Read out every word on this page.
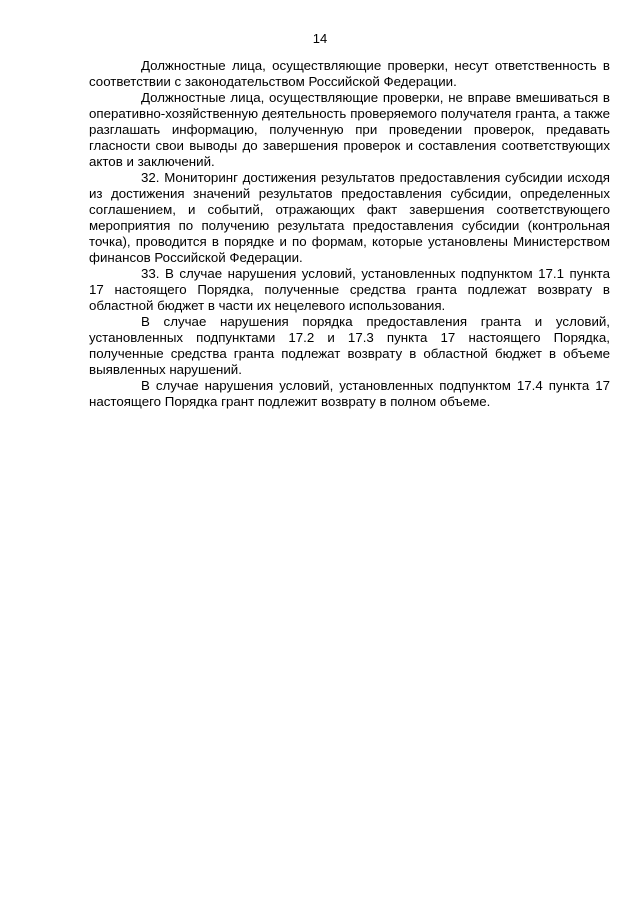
14

Должностные лица, осуществляющие проверки, несут ответственность в соответствии с законодательством Российской Федерации.

Должностные лица, осуществляющие проверки, не вправе вмешиваться в оперативно-хозяйственную деятельность проверяемого получателя гранта, а также разглашать информацию, полученную при проведении проверок, предавать гласности свои выводы до завершения проверок и составления соответствующих актов и заключений.

32. Мониторинг достижения результатов предоставления субсидии исходя из достижения значений результатов предоставления субсидии, определенных соглашением, и событий, отражающих факт завершения соответствующего мероприятия по получению результата предоставления субсидии (контрольная точка), проводится в порядке и по формам, которые установлены Министерством финансов Российской Федерации.

33. В случае нарушения условий, установленных подпунктом 17.1 пункта 17 настоящего Порядка, полученные средства гранта подлежат возврату в областной бюджет в части их нецелевого использования.

В случае нарушения порядка предоставления гранта и условий, установленных подпунктами 17.2 и 17.3 пункта 17 настоящего Порядка, полученные средства гранта подлежат возврату в областной бюджет в объеме выявленных нарушений.

В случае нарушения условий, установленных подпунктом 17.4 пункта 17 настоящего Порядка грант подлежит возврату в полном объеме.
